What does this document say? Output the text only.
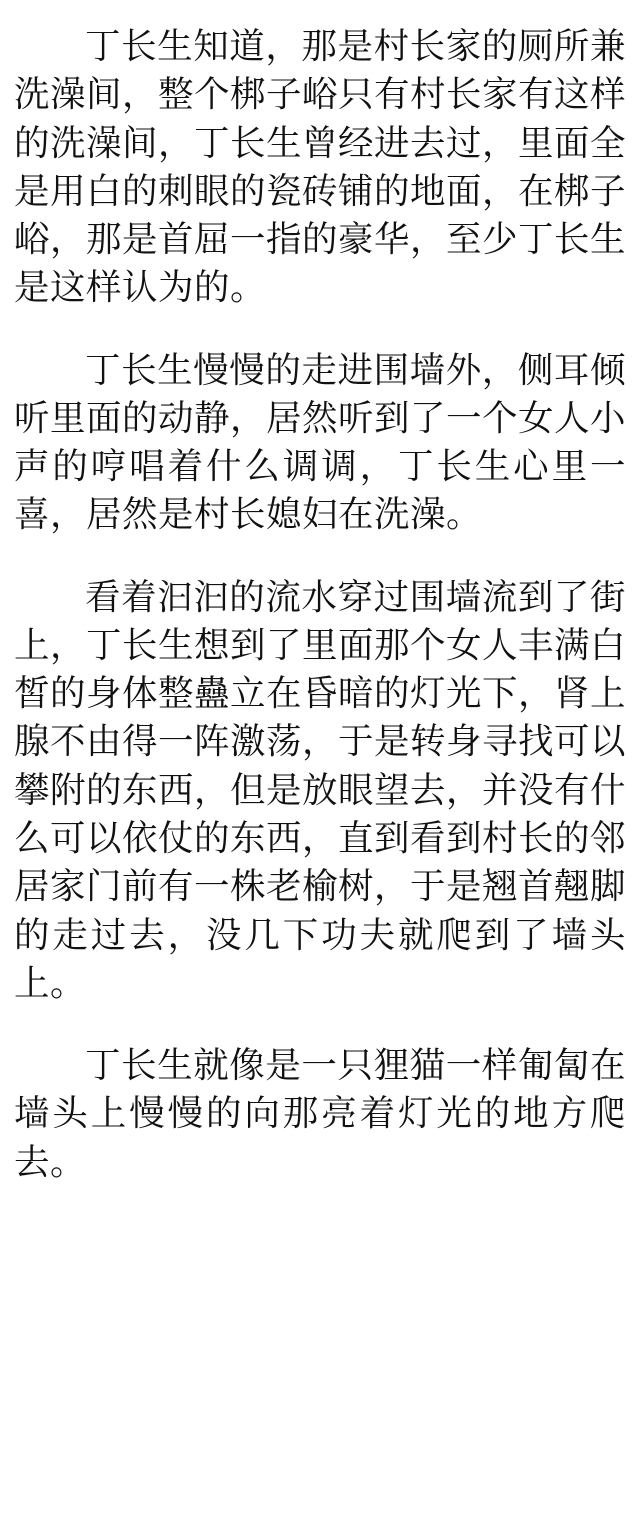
丁长生知道，那是村长家的厕所兼洗澡间，整个梆子峪只有村长家有这样的洗澡间，丁长生曾经进去过，里面全是用白的刺眼的瓷砖铺的地面，在梆子峪，那是首屈一指的豪华，至少丁长生是这样认为的。

丁长生慢慢的走进围墙外，侧耳倾听里面的动静，居然听到了一个女人小声的哼唱着什么调调，丁长生心里一喜，居然是村长媳妇在洗澡。

看着汩汩的流水穿过围墙流到了街上，丁长生想到了里面那个女人丰满白皙的身体整蠱立在昏暗的灯光下，肾上腺不由得一阵激荡，于是转身寻找可以攀附的东西，但是放眼望去，并没有什么可以依仗的东西，直到看到村长的邻居家门前有一株老榆树，于是翘首翹脚的走过去，没几下功夫就爬到了墙头上。

丁长生就像是一只狸猫一样匍匐在墙头上慢慢的向那亮着灯光的地方爬去。
